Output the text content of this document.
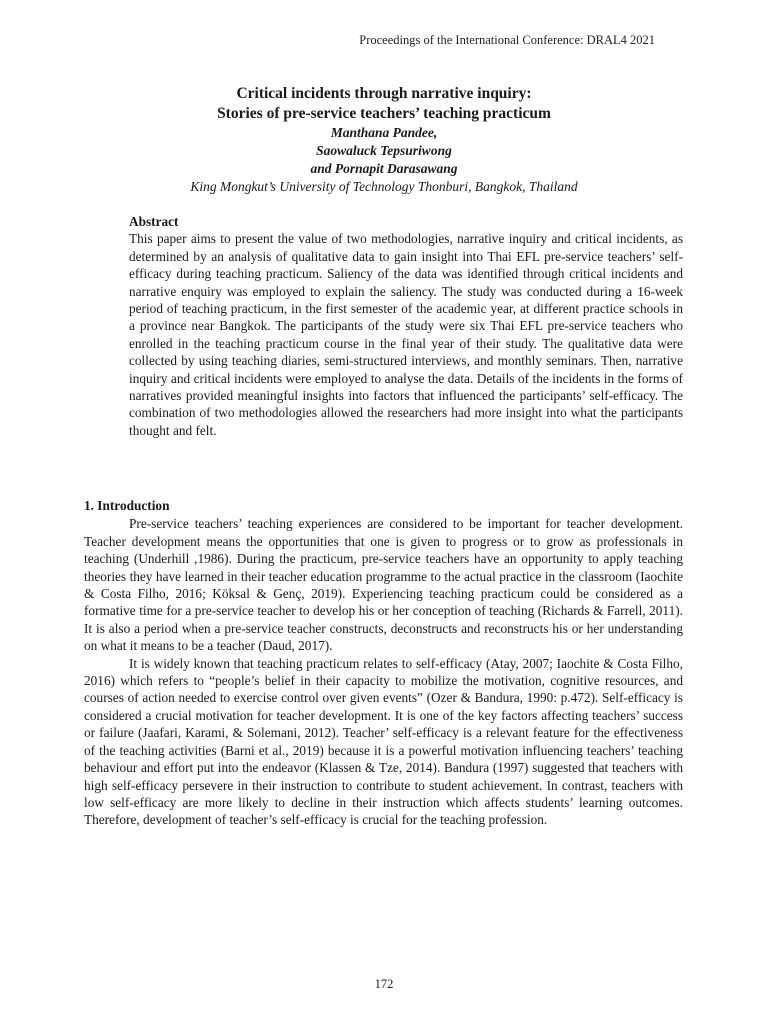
Proceedings of the International Conference: DRAL4 2021
Critical incidents through narrative inquiry:
Stories of pre-service teachers’ teaching practicum
Manthana Pandee,
Saowaluck Tepsuriwong
and Pornapit Darasawang
King Mongkut’s University of Technology Thonburi, Bangkok, Thailand
Abstract
This paper aims to present the value of two methodologies, narrative inquiry and critical incidents, as determined by an analysis of qualitative data to gain insight into Thai EFL pre-service teachers’ self-efficacy during teaching practicum. Saliency of the data was identified through critical incidents and narrative enquiry was employed to explain the saliency. The study was conducted during a 16-week period of teaching practicum, in the first semester of the academic year, at different practice schools in a province near Bangkok. The participants of the study were six Thai EFL pre-service teachers who enrolled in the teaching practicum course in the final year of their study. The qualitative data were collected by using teaching diaries, semi-structured interviews, and monthly seminars. Then, narrative inquiry and critical incidents were employed to analyse the data. Details of the incidents in the forms of narratives provided meaningful insights into factors that influenced the participants’ self-efficacy. The combination of two methodologies allowed the researchers had more insight into what the participants thought and felt.
1. Introduction

Pre-service teachers’ teaching experiences are considered to be important for teacher development. Teacher development means the opportunities that one is given to progress or to grow as professionals in teaching (Underhill ,1986). During the practicum, pre-service teachers have an opportunity to apply teaching theories they have learned in their teacher education programme to the actual practice in the classroom (Iaochite & Costa Filho, 2016; Köksal & Genç, 2019). Experiencing teaching practicum could be considered as a formative time for a pre-service teacher to develop his or her conception of teaching (Richards & Farrell, 2011). It is also a period when a pre-service teacher constructs, deconstructs and reconstructs his or her understanding on what it means to be a teacher (Daud, 2017).

It is widely known that teaching practicum relates to self-efficacy (Atay, 2007; Iaochite & Costa Filho, 2016) which refers to “people’s belief in their capacity to mobilize the motivation, cognitive resources, and courses of action needed to exercise control over given events” (Ozer & Bandura, 1990: p.472). Self-efficacy is considered a crucial motivation for teacher development. It is one of the key factors affecting teachers’ success or failure (Jaafari, Karami, & Solemani, 2012). Teacher’ self-efficacy is a relevant feature for the effectiveness of the teaching activities (Barni et al., 2019) because it is a powerful motivation influencing teachers’ teaching behaviour and effort put into the endeavor (Klassen & Tze, 2014). Bandura (1997) suggested that teachers with high self-efficacy persevere in their instruction to contribute to student achievement. In contrast, teachers with low self-efficacy are more likely to decline in their instruction which affects students’ learning outcomes. Therefore, development of teacher’s self-efficacy is crucial for the teaching profession.

172
